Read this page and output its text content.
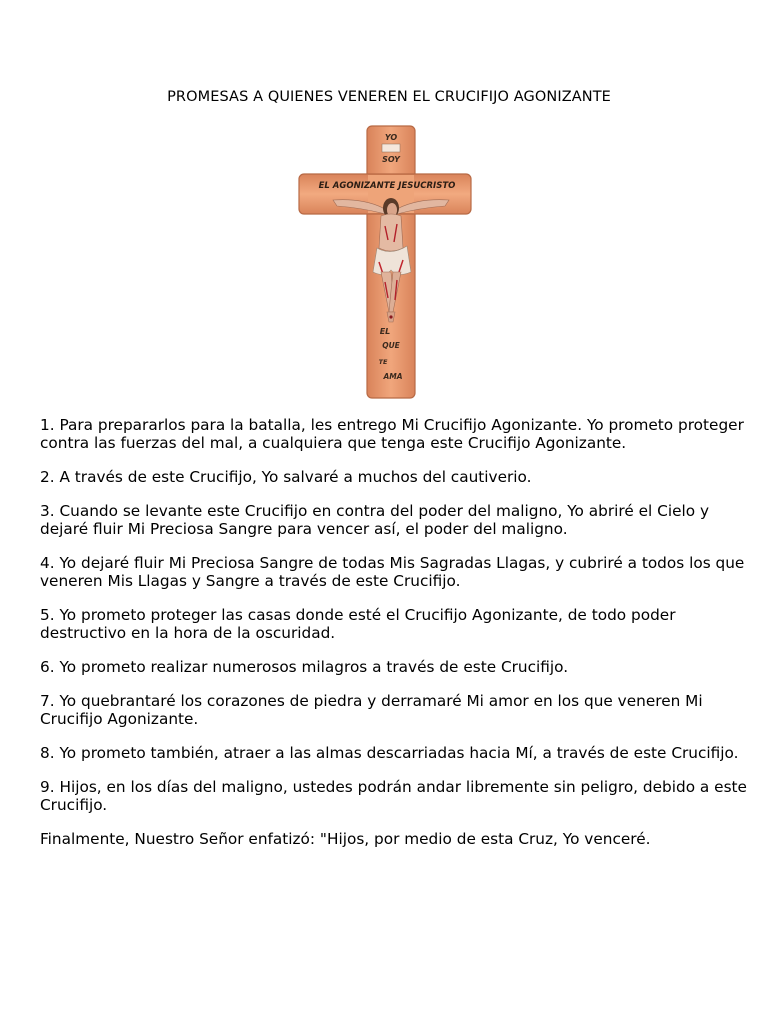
PROMESAS A QUIENES VENEREN EL CRUCIFIJO AGONIZANTE
YO
SOY
EL AGONIZANTE JESUCRISTO
EL
QUE
TE
AMA

1. Para prepararlos para la batalla, les entrego Mi Crucifijo Agonizante. Yo prometo proteger contra las fuerzas del mal, a cualquiera que tenga este Crucifijo Agonizante.

2. A través de este Crucifijo, Yo salvaré a muchos del cautiverio.

3. Cuando se levante este Crucifijo en contra del poder del maligno, Yo abriré el Cielo y dejaré fluir Mi Preciosa Sangre para vencer así, el poder del maligno.

4. Yo dejaré fluir Mi Preciosa Sangre de todas Mis Sagradas Llagas, y cubriré a todos los que veneren Mis Llagas y Sangre a través de este Crucifijo.

5. Yo prometo proteger las casas donde esté el Crucifijo Agonizante, de todo poder destructivo en la hora de la oscuridad.

6. Yo prometo realizar numerosos milagros a través de este Crucifijo.

7. Yo quebrantaré los corazones de piedra y derramaré Mi amor en los que veneren Mi Crucifijo Agonizante.

8. Yo prometo también, atraer a las almas descarriadas hacia Mí, a través de este Crucifijo.

9. Hijos, en los días del maligno, ustedes podrán andar libremente sin peligro, debido a este Crucifijo.

Finalmente, Nuestro Señor enfatizó: "Hijos, por medio de esta Cruz, Yo venceré.
